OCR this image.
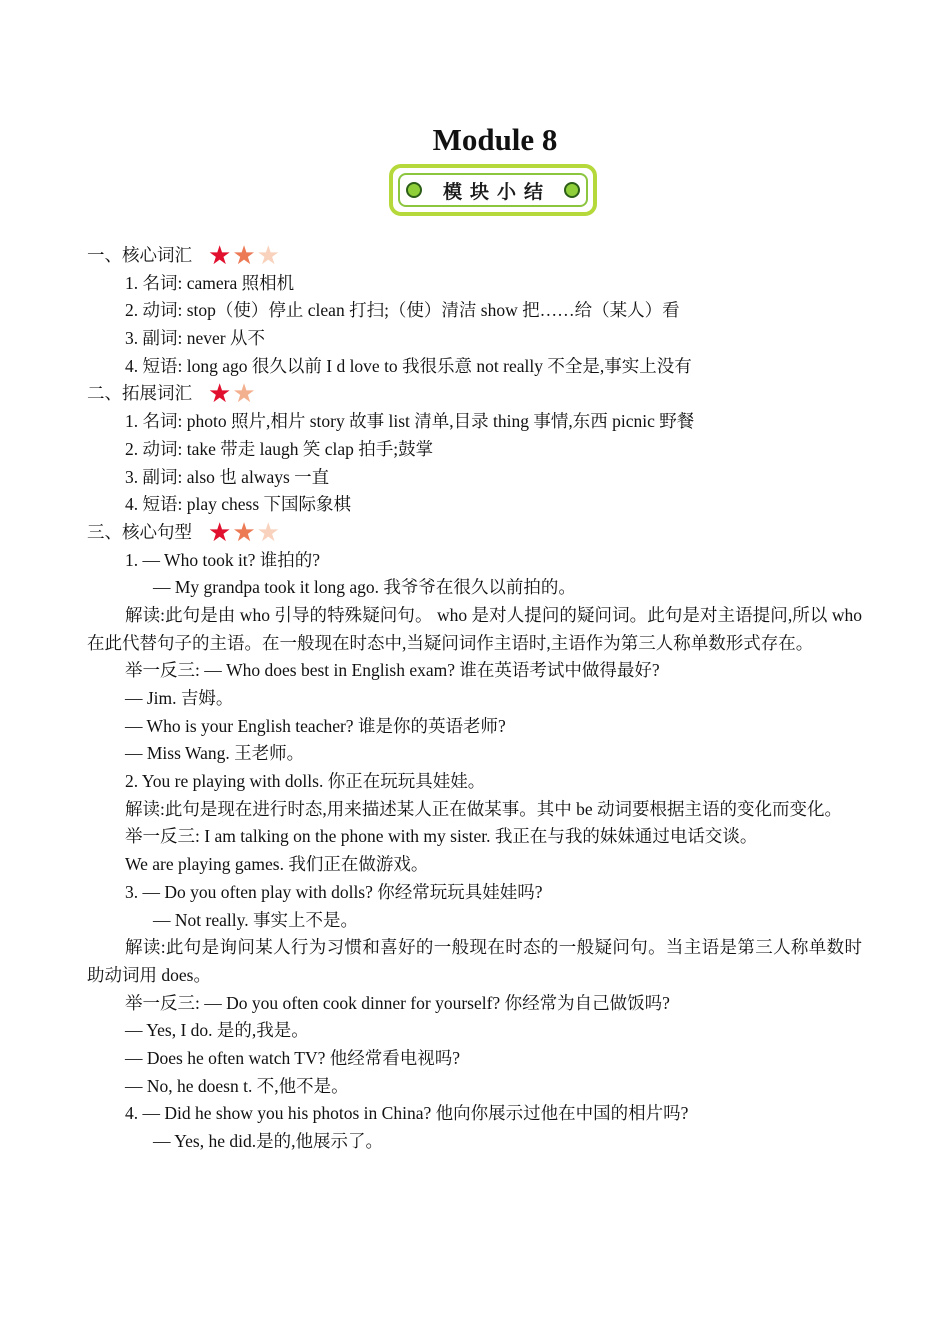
Module 8
模块小结
一、核心词汇 ★ ★ ★
1. 名词: camera 照相机
2. 动词: stop（使）停止 clean 打扫;（使）清洁 show 把……给（某人）看
3. 副词: never 从不
4. 短语: long ago 很久以前 I d love to 我很乐意 not really 不全是,事实上没有
二、拓展词汇 ★ ★
1. 名词: photo 照片,相片 story 故事 list 清单,目录 thing 事情,东西 picnic 野餐
2. 动词: take 带走 laugh 笑 clap 拍手;鼓掌
3. 副词: also 也 always 一直
4. 短语: play chess 下国际象棋
三、核心句型 ★ ★ ★
1. — Who took it? 谁拍的?
— My grandpa took it long ago. 我爷爷在很久以前拍的。
解读:此句是由 who 引导的特殊疑问句。 who 是对人提问的疑问词。此句是对主语提问,所以 who 在此代替句子的主语。在一般现在时态中,当疑问词作主语时,主语作为第三人称单数形式存在。
举一反三: — Who does best in English exam? 谁在英语考试中做得最好?
— Jim. 吉姆。
— Who is your English teacher? 谁是你的英语老师?
— Miss Wang. 王老师。
2. You re playing with dolls. 你正在玩玩具娃娃。
解读:此句是现在进行时态,用来描述某人正在做某事。其中 be 动词要根据主语的变化而变化。
举一反三: I am talking on the phone with my sister. 我正在与我的妹妹通过电话交谈。
We are playing games. 我们正在做游戏。
3. — Do you often play with dolls? 你经常玩玩具娃娃吗?
— Not really. 事实上不是。
解读:此句是询问某人行为习惯和喜好的一般现在时态的一般疑问句。当主语是第三人称单数时助动词用 does。
举一反三: — Do you often cook dinner for yourself? 你经常为自己做饭吗?
— Yes, I do. 是的,我是。
— Does he often watch TV? 他经常看电视吗?
— No, he doesn t. 不,他不是。
4. — Did he show you his photos in China? 他向你展示过他在中国的相片吗?
— Yes, he did.是的,他展示了。
